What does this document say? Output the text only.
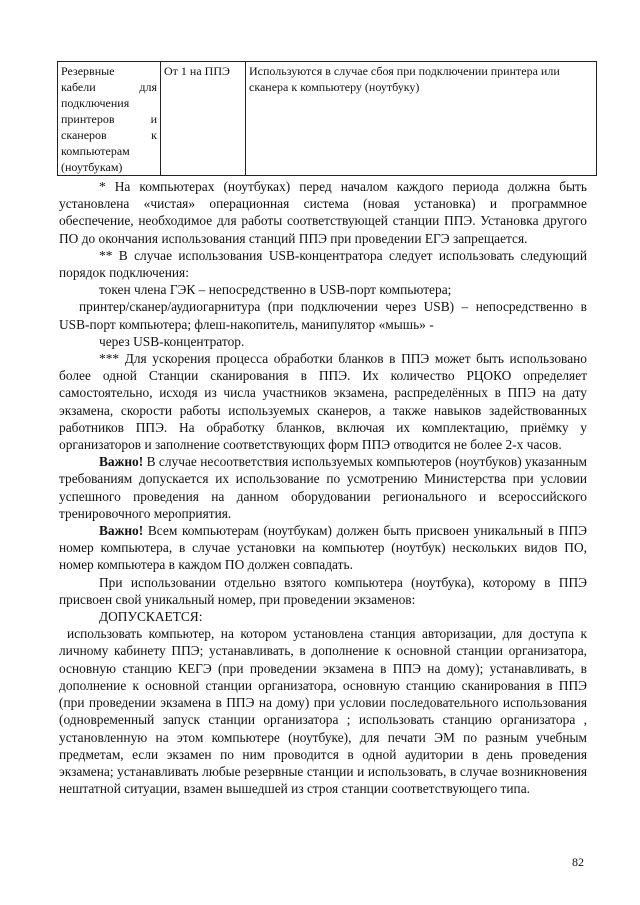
Резервные
кабели для
подключения
принтеров и
сканеров к
компьютерам
(ноутбукам)
	От 1 на ППЭ	Используются в случае сбоя при подключении принтера или сканера к компьютеру (ноутбуку)

* На компьютерах (ноутбуках) перед началом каждого периода должна быть установлена «чистая» операционная система (новая установка) и программное обеспечение, необходимое для работы соответствующей станции ППЭ. Установка другого ПО до окончания использования станций ППЭ при проведении ЕГЭ запрещается.

** В случае использования USB-концентратора следует использовать следующий порядок подключения:

токен члена ГЭК – непосредственно в USB-порт компьютера;

принтер/сканер/аудиогарнитура (при подключении через USB) – непосредственно в USB-порт компьютера; флеш-накопитель, манипулятор «мышь» -

через USB-концентратор.

*** Для ускорения процесса обработки бланков в ППЭ может быть использовано более одной Станции сканирования в ППЭ. Их количество РЦОКО определяет самостоятельно, исходя из числа участников экзамена, распределённых в ППЭ на дату экзамена, скорости работы используемых сканеров, а также навыков задействованных работников ППЭ. На обработку бланков, включая их комплектацию, приёмку у организаторов и заполнение соответствующих форм ППЭ отводится не более 2-х часов.

Важно! В случае несоответствия используемых компьютеров (ноутбуков) указанным требованиям допускается их использование по усмотрению Министерства при условии успешного проведения на данном оборудовании регионального и всероссийского тренировочного мероприятия.

Важно! Всем компьютерам (ноутбукам) должен быть присвоен уникальный в ППЭ номер компьютера, в случае установки на компьютер (ноутбук) нескольких видов ПО, номер компьютера в каждом ПО должен совпадать.

При использовании отдельно взятого компьютера (ноутбука), которому в ППЭ присвоен свой уникальный номер, при проведении экзаменов:

ДОПУСКАЕТСЯ:

использовать компьютер, на котором установлена станция авторизации, для доступа к личному кабинету ППЭ; устанавливать, в дополнение к основной станции организатора, основную станцию КЕГЭ (при проведении экзамена в ППЭ на дому); устанавливать, в дополнение к основной станции организатора, основную станцию сканирования в ППЭ (при проведении экзамена в ППЭ на дому) при условии последовательного использования (одновременный запуск станции организатора ; использовать станцию организатора , установленную на этом компьютере (ноутбуке), для печати ЭМ по разным учебным предметам, если экзамен по ним проводится в одной аудитории в день проведения экзамена; устанавливать любые резервные станции и использовать, в случае возникновения нештатной ситуации, взамен вышедшей из строя станции соответствующего типа.

82
